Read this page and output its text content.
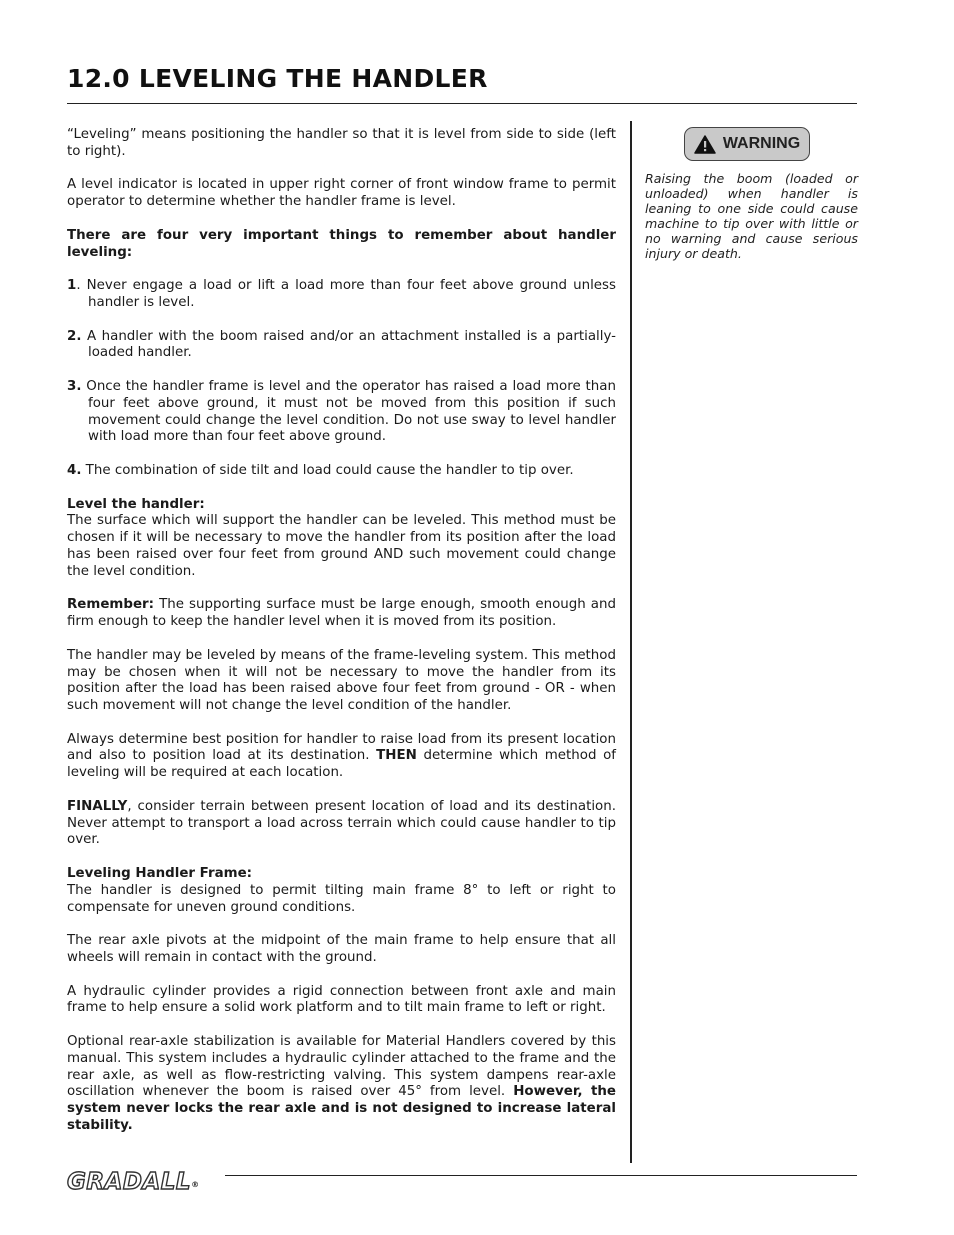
12.0 LEVELING THE HANDLER

“Leveling” means positioning the handler so that it is level from side to side (left to right).

A level indicator is located in upper right corner of front window frame to permit operator to determine whether the handler frame is level.

There are four very important things to remember about handler leveling:

1. Never engage a load or lift a load more than four feet above ground unless handler is level.

2. A handler with the boom raised and/or an attachment installed is a partially-loaded handler.

3. Once the handler frame is level and the operator has raised a load more than four feet above ground, it must not be moved from this position if such movement could change the level condition. Do not use sway to level handler with load more than four feet above ground.

4. The combination of side tilt and load could cause the handler to tip over.

Level the handler:
The surface which will support the handler can be leveled. This method must be chosen if it will be necessary to move the handler from its position after the load has been raised over four feet from ground AND such movement could change the level condition.

Remember: The supporting surface must be large enough, smooth enough and firm enough to keep the handler level when it is moved from its position.

The handler may be leveled by means of the frame-leveling system. This method may be chosen when it will not be necessary to move the handler from its position after the load has been raised above four feet from ground - OR - when such movement will not change the level condition of the handler.

Always determine best position for handler to raise load from its present location and also to position load at its destination. THEN determine which method of leveling will be required at each location.

FINALLY, consider terrain between present location of load and its destination. Never attempt to transport a load across terrain which could cause handler to tip over.

Leveling Handler Frame:
The handler is designed to permit tilting main frame 8° to left or right to compensate for uneven ground conditions.

The rear axle pivots at the midpoint of the main frame to help ensure that all wheels will remain in contact with the ground.

A hydraulic cylinder provides a rigid connection between front axle and main frame to help ensure a solid work platform and to tilt main frame to left or right.

Optional rear-axle stabilization is available for Material Handlers covered by this manual. This system includes a hydraulic cylinder attached to the frame and the rear axle, as well as flow-restricting valving. This system dampens rear-axle oscillation whenever the boom is raised over 45° from level. However, the system never locks the rear axle and is not designed to increase lateral stability.

WARNING

Raising the boom (loaded or unloaded) when handler is leaning to one side could cause machine to tip over with little or no warning and cause serious injury or death.

GRADALL®
